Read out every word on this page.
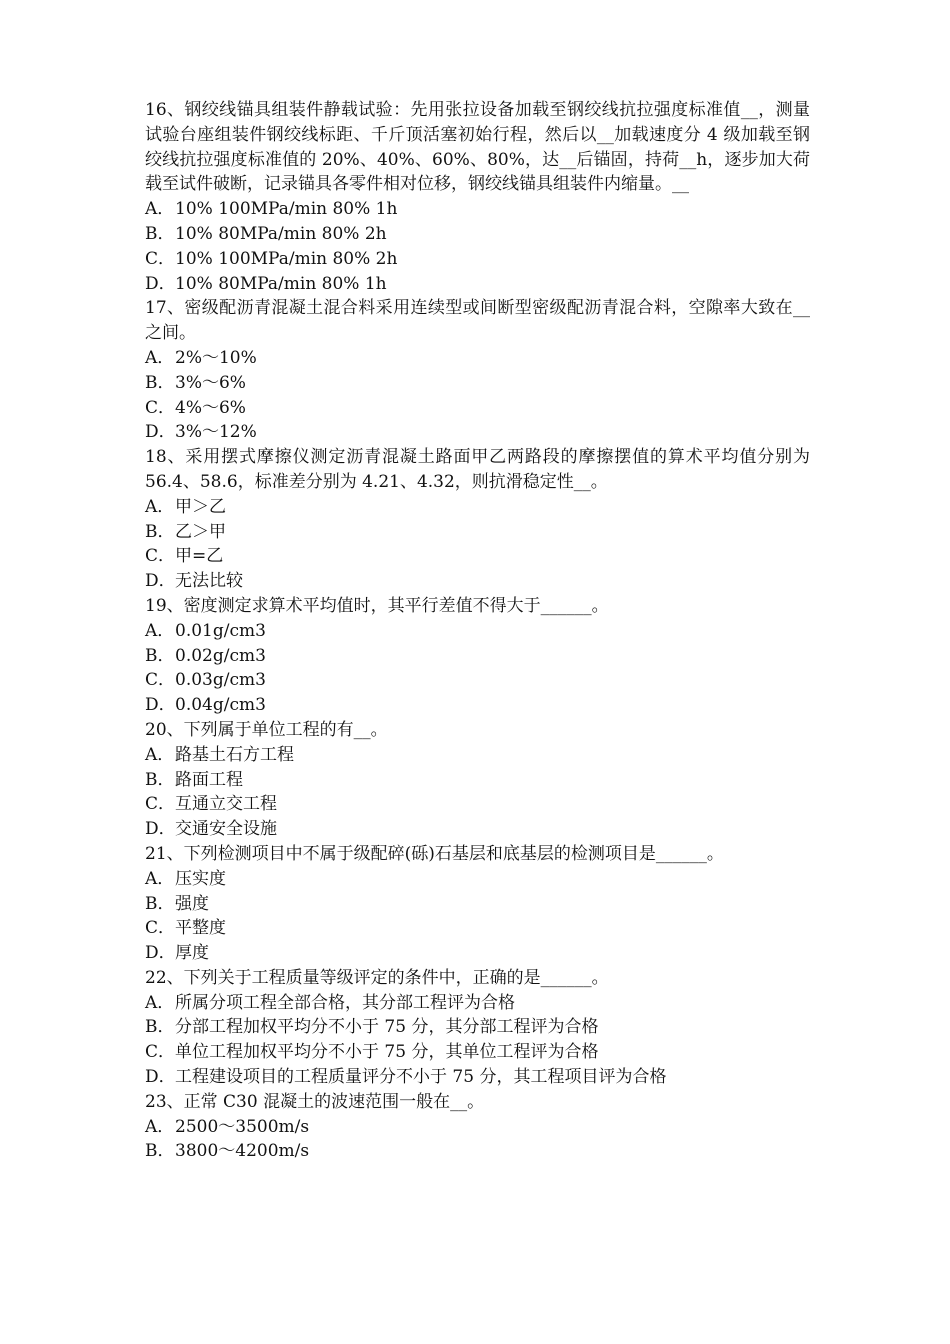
16、钢绞线锚具组装件静载试验：先用张拉设备加载至钢绞线抗拉强度标准值__，测量试验台座组装件钢绞线标距、千斤顶活塞初始行程，然后以__加载速度分 4 级加载至钢绞线抗拉强度标准值的 20%、40%、60%、80%，达__后锚固，持荷__h，逐步加大荷载至试件破断，记录锚具各零件相对位移，钢绞线锚具组装件内缩量。__

A．10% 100MPa/min 80% 1h

B．10% 80MPa/min 80% 2h

C．10% 100MPa/min 80% 2h

D．10% 80MPa/min 80% 1h

17、密级配沥青混凝土混合料采用连续型或间断型密级配沥青混合料，空隙率大致在__之间。

A．2%～10%

B．3%～6%

C．4%～6%

D．3%～12%

18、采用摆式摩擦仪测定沥青混凝土路面甲乙两路段的摩擦摆值的算术平均值分别为 56.4、58.6，标准差分别为 4.21、4.32，则抗滑稳定性__。

A．甲＞乙

B．乙＞甲

C．甲=乙

D．无法比较

19、密度测定求算术平均值时，其平行差值不得大于______。

A．0.01g/cm3

B．0.02g/cm3

C．0.03g/cm3

D．0.04g/cm3

20、下列属于单位工程的有__。

A．路基土石方工程

B．路面工程

C．互通立交工程

D．交通安全设施

21、下列检测项目中不属于级配碎(砾)石基层和底基层的检测项目是______。

A．压实度

B．强度

C．平整度

D．厚度

22、下列关于工程质量等级评定的条件中，正确的是______。

A．所属分项工程全部合格，其分部工程评为合格

B．分部工程加权平均分不小于 75 分，其分部工程评为合格

C．单位工程加权平均分不小于 75 分，其单位工程评为合格

D．工程建设项目的工程质量评分不小于 75 分，其工程项目评为合格

23、正常 C30 混凝土的波速范围一般在__。

A．2500～3500m/s

B．3800～4200m/s
